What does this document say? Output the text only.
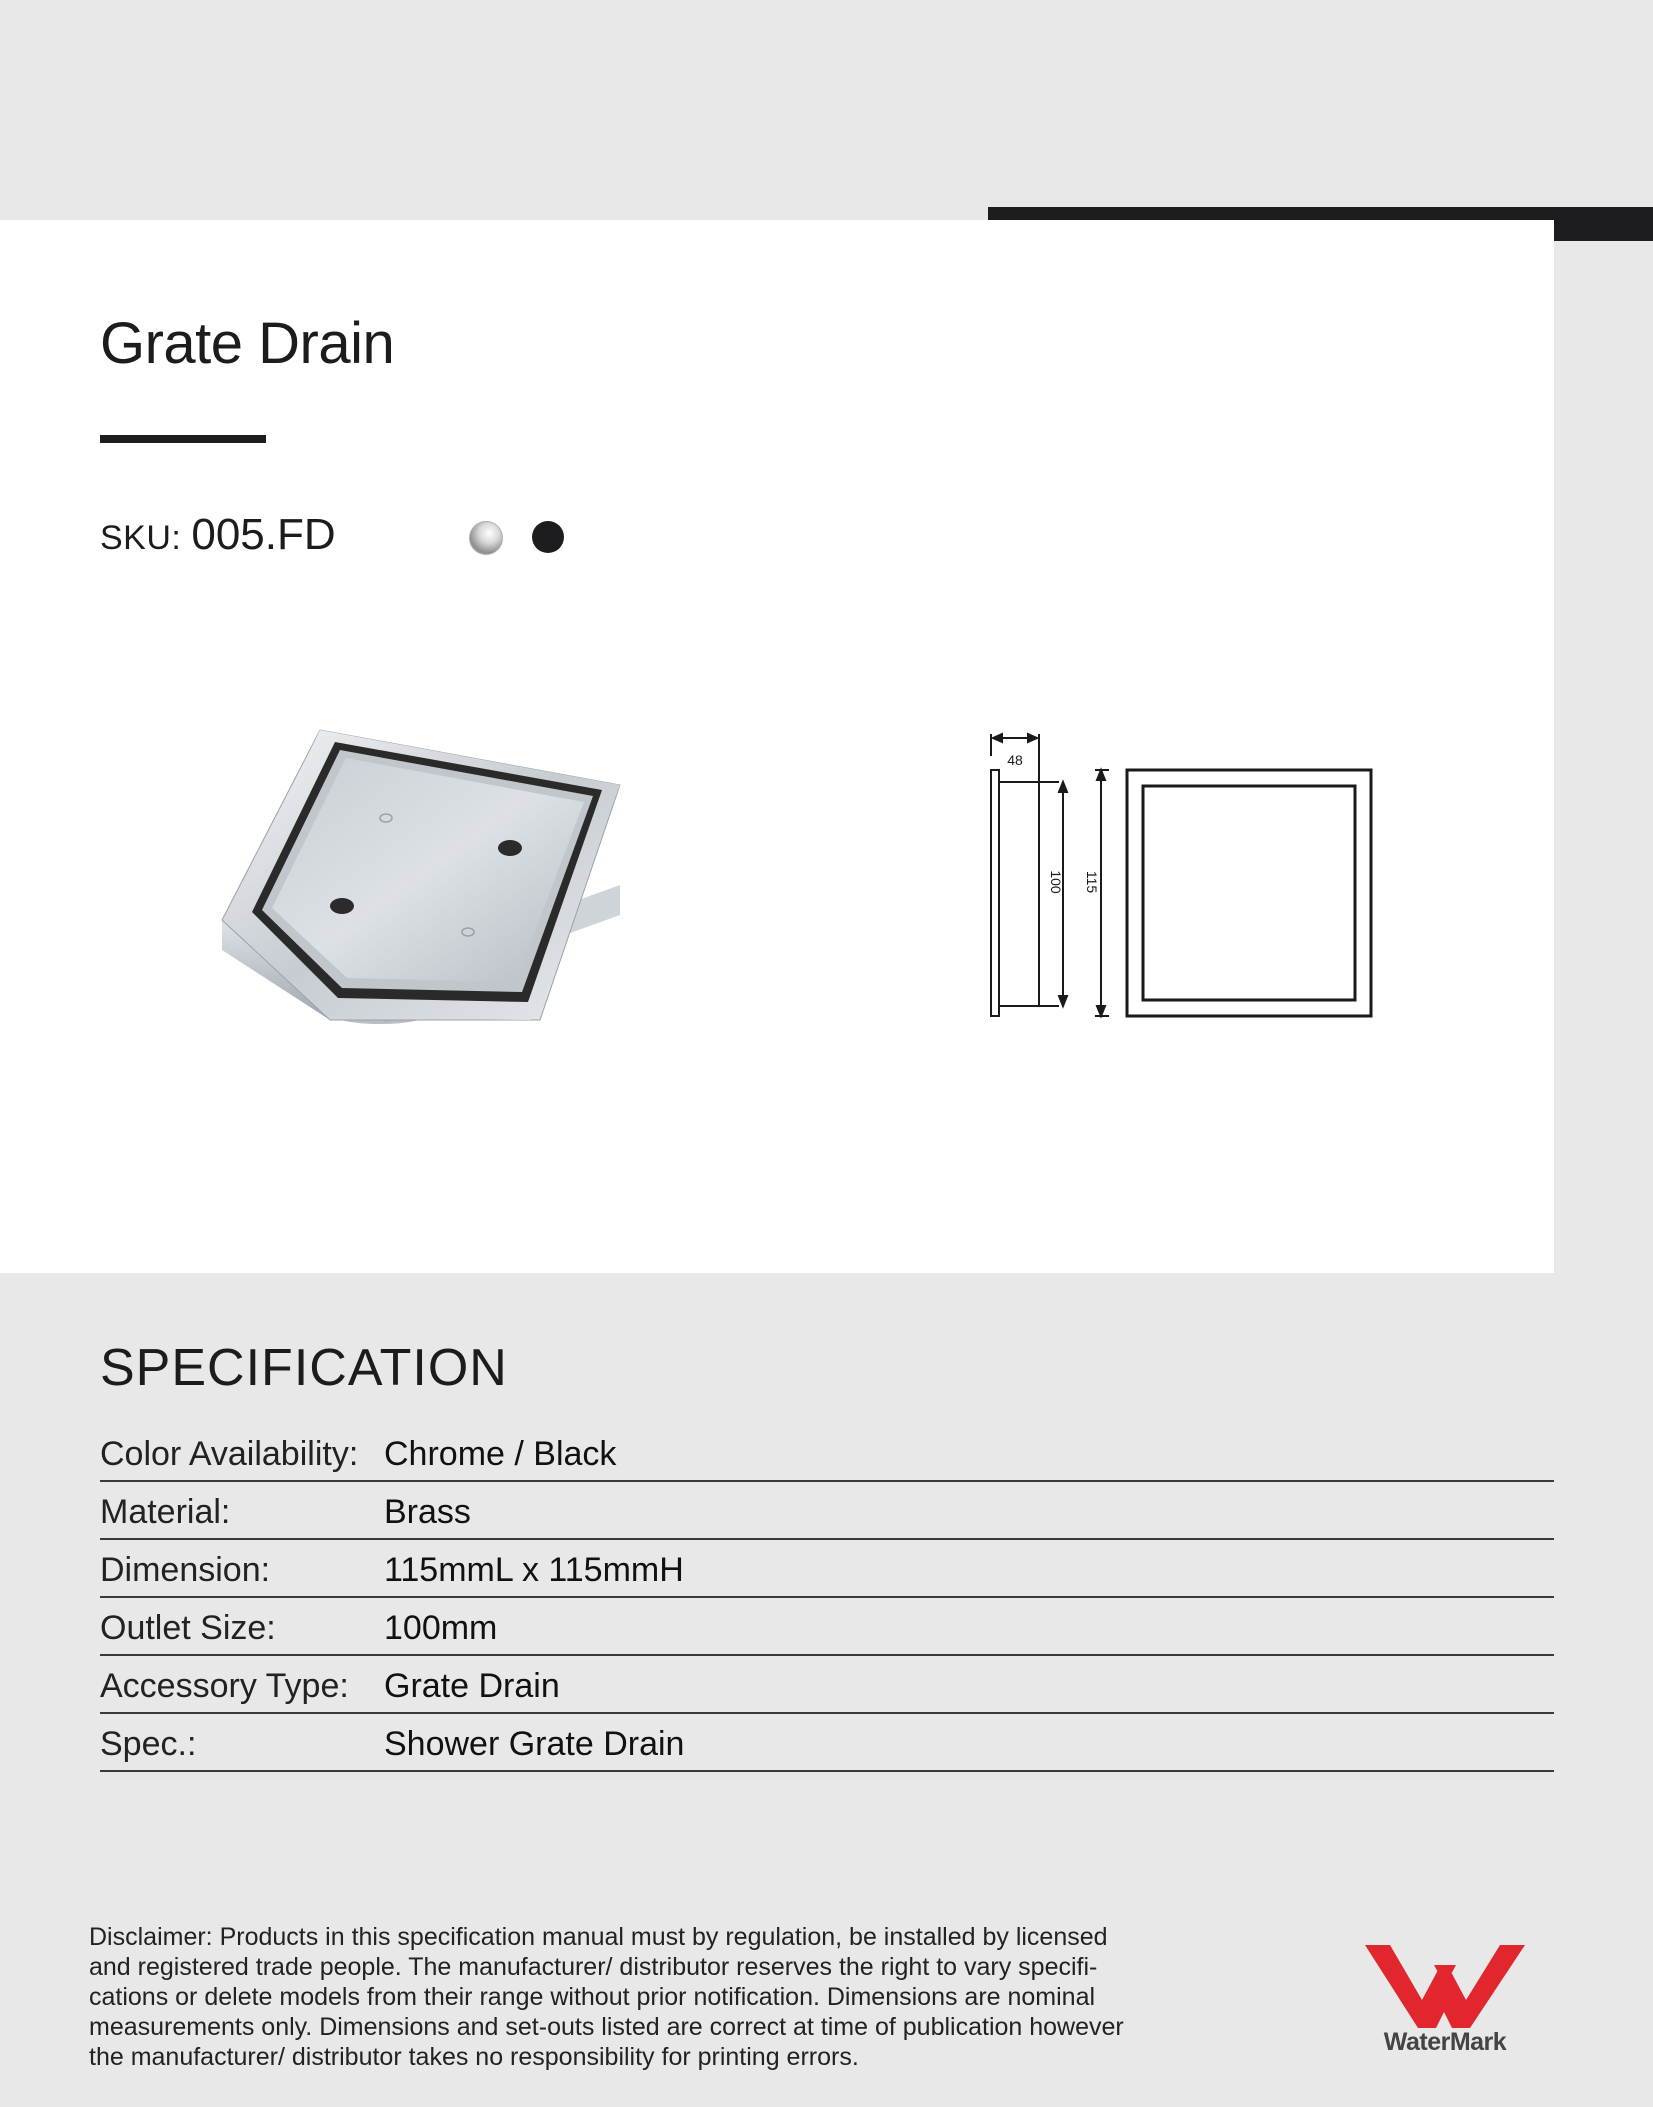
Grate Drain
SKU: 005.FD
48
100 115
SPECIFICATION
Color Availability: Chrome / Black
Material:	Brass
Dimension:	115mmL x 115mmH
Outlet Size:	100mm
Accessory Type: Grate Drain
Spec.:	Shower Grate Drain

Disclaimer: Products in this specification manual must by regulation, be installed by licensed
and registered trade people. The manufacturer/ distributor reserves the right to vary specifi-
cations or delete models from their range without prior notification. Dimensions are nominal
measurements only. Dimensions and set-outs listed are correct at time of publication however
the manufacturer/ distributor takes no responsibility for printing errors.

WaterMark
